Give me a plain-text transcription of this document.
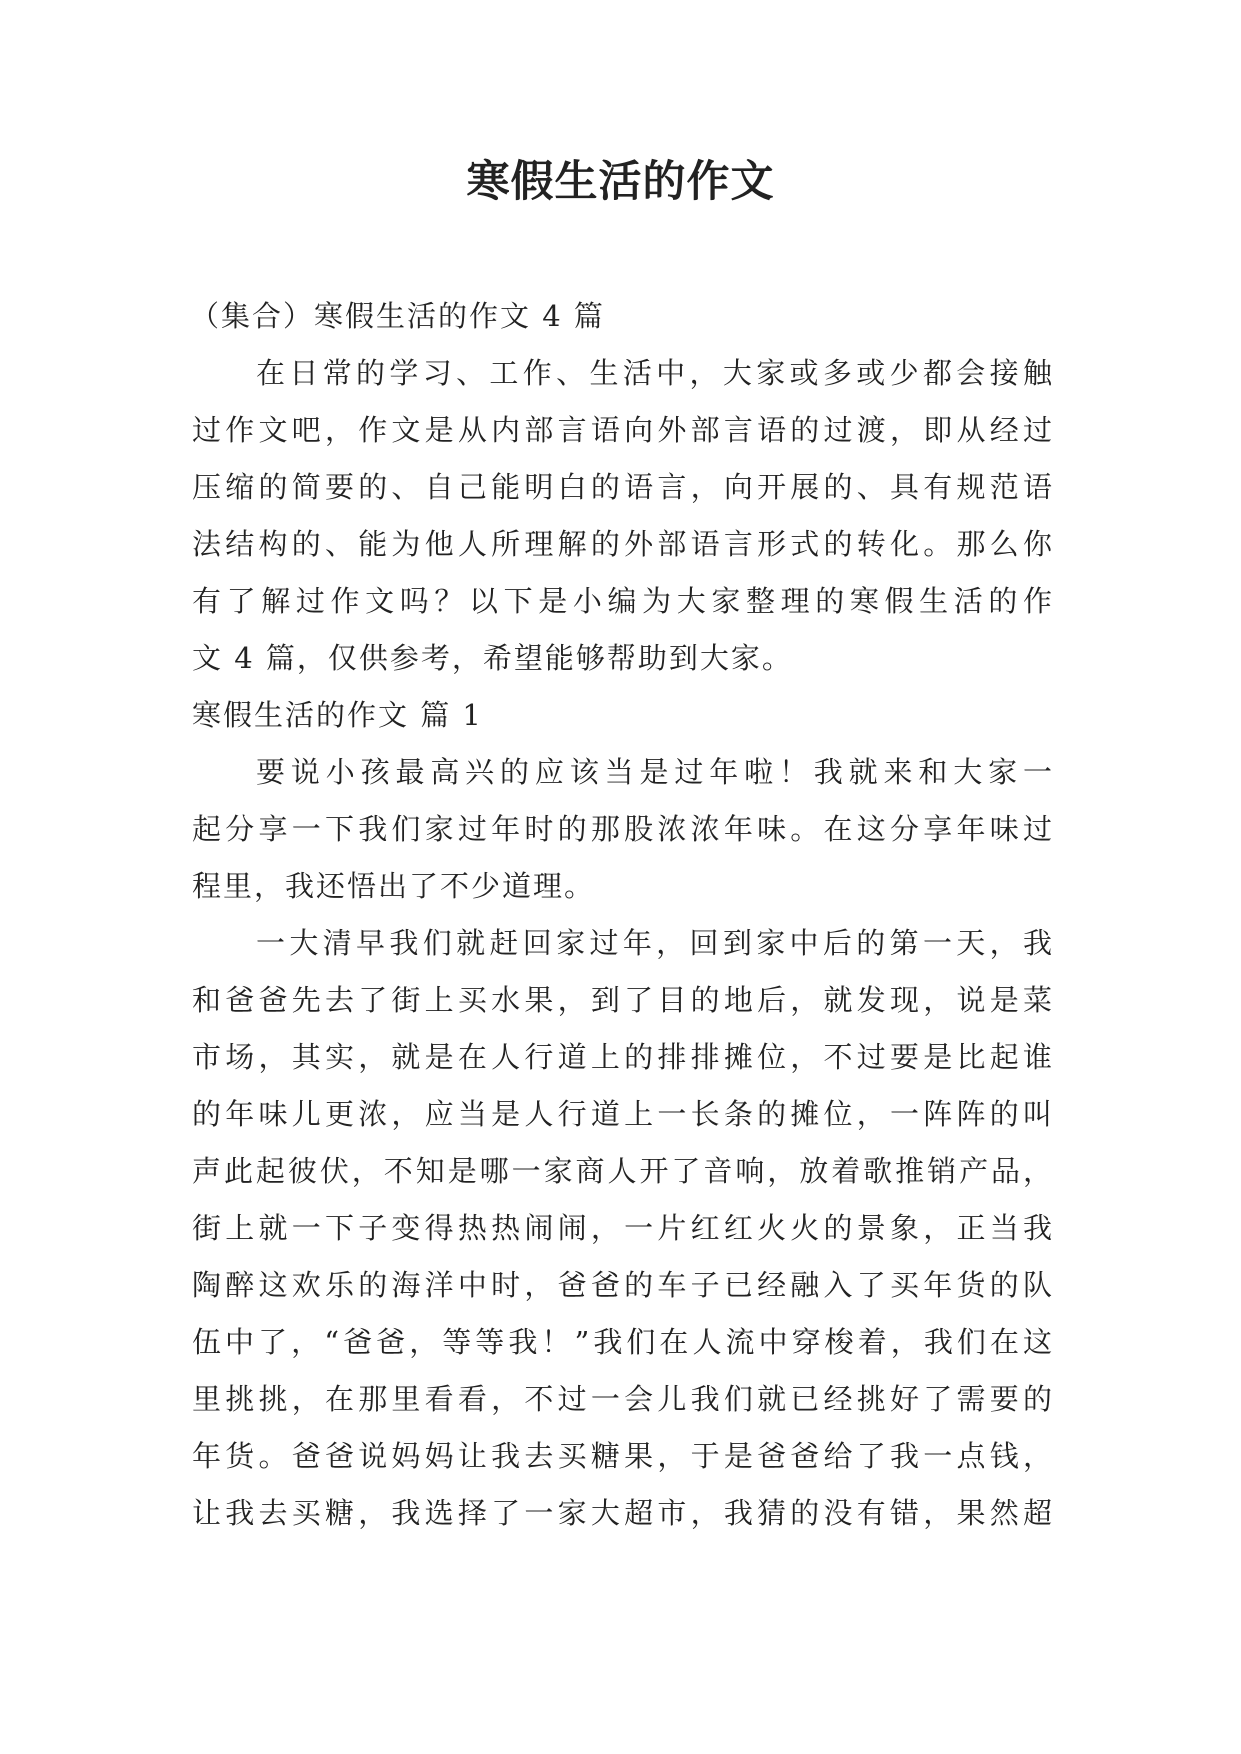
寒假生活的作文
（集合）寒假生活的作文 4 篇
在日常的学习、工作、生活中，大家或多或少都会接触
过作文吧，作文是从内部言语向外部言语的过渡，即从经过
压缩的简要的、自己能明白的语言，向开展的、具有规范语
法结构的、能为他人所理解的外部语言形式的转化。那么你
有了解过作文吗？以下是小编为大家整理的寒假生活的作
文 4 篇，仅供参考，希望能够帮助到大家。
寒假生活的作文 篇 1
要说小孩最高兴的应该当是过年啦！我就来和大家一
起分享一下我们家过年时的那股浓浓年味。在这分享年味过
程里，我还悟出了不少道理。
一大清早我们就赶回家过年，回到家中后的第一天，我
和爸爸先去了街上买水果，到了目的地后，就发现，说是菜
市场，其实，就是在人行道上的排排摊位，不过要是比起谁
的年味儿更浓，应当是人行道上一长条的摊位，一阵阵的叫
声此起彼伏，不知是哪一家商人开了音响，放着歌推销产品，
街上就一下子变得热热闹闹，一片红红火火的景象，正当我
陶醉这欢乐的海洋中时，爸爸的车子已经融入了买年货的队
伍中了，“爸爸，等等我！”我们在人流中穿梭着，我们在这
里挑挑，在那里看看，不过一会儿我们就已经挑好了需要的
年货。爸爸说妈妈让我去买糖果，于是爸爸给了我一点钱，
让我去买糖，我选择了一家大超市，我猜的没有错，果然超
